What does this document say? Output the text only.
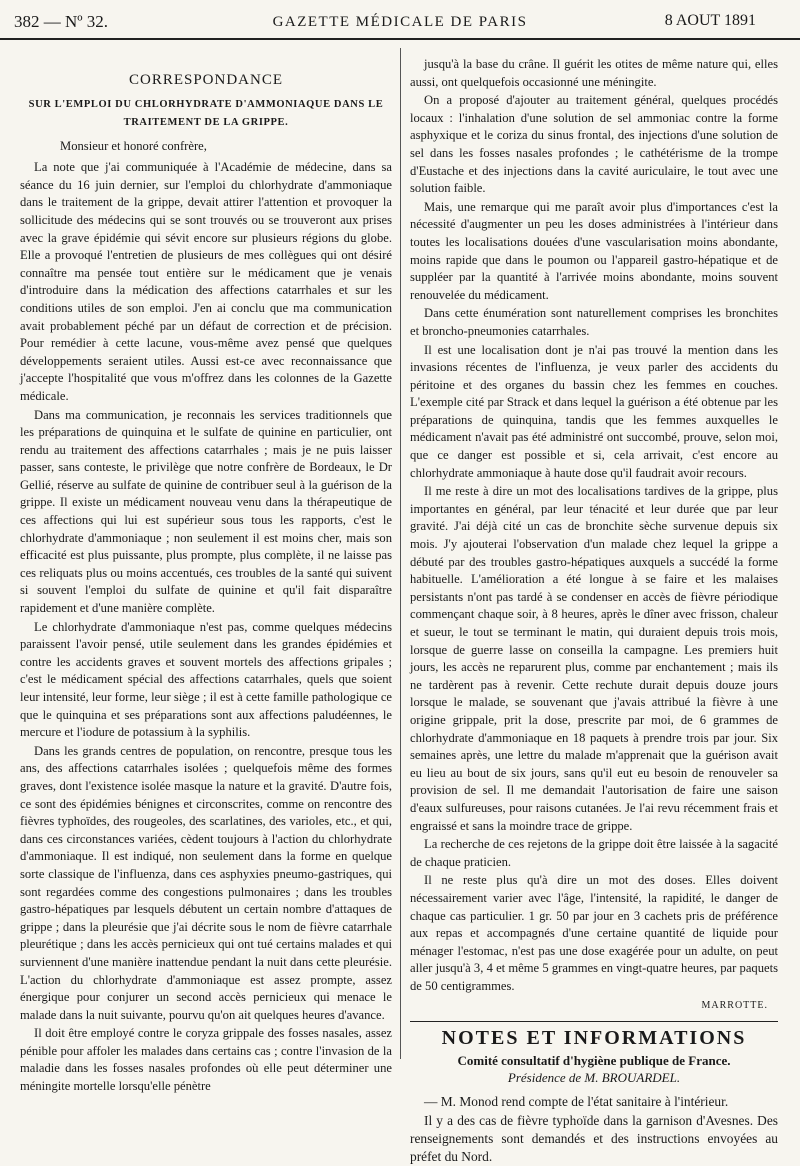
382 — Nº 32.	GAZETTE MÉDICALE DE PARIS	8 AOUT 1891
CORRESPONDANCE
SUR L'EMPLOI DU CHLORHYDRATE D'AMMONIAQUE DANS LE TRAITEMENT DE LA GRIPPE.

Monsieur et honoré confrère,

La note que j'ai communiquée à l'Académie de médecine, dans sa séance du 16 juin dernier, sur l'emploi du chlorhydrate d'ammoniaque dans le traitement de la grippe, devait attirer l'attention et provoquer la sollicitude des médecins qui se sont trouvés ou se trouveront aux prises avec la grave épidémie qui sévit encore sur plusieurs régions du globe. Elle a provoqué l'entretien de plusieurs de mes collègues qui ont désiré connaître ma pensée tout entière sur le médicament que je venais d'introduire dans la médication des affections catarrhales et sur les conditions utiles de son emploi. J'en ai conclu que ma communication avait probablement péché par un défaut de correction et de précision. Pour remédier à cette lacune, vous-même avez pensé que quelques développements seraient utiles. Aussi est-ce avec reconnaissance que j'accepte l'hospitalité que vous m'offrez dans les colonnes de la Gazette médicale.

Dans ma communication, je reconnais les services traditionnels que les préparations de quinquina et le sulfate de quinine en particulier, ont rendu au traitement des affections catarrhales ; mais je ne puis laisser passer, sans conteste, le privilège que notre confrère de Bordeaux, le Dr Gellié, réserve au sulfate de quinine de contribuer seul à la guérison de la grippe. Il existe un médicament nouveau venu dans la thérapeutique de ces affections qui lui est supérieur sous tous les rapports, c'est le chlorhydrate d'ammoniaque ; non seulement il est moins cher, mais son efficacité est plus puissante, plus prompte, plus complète, il ne laisse pas ces reliquats plus ou moins accentués, ces troubles de la santé qui suivent si souvent l'emploi du sulfate de quinine et qu'il fait disparaître rapidement et d'une manière complète.

Le chlorhydrate d'ammoniaque n'est pas, comme quelques médecins paraissent l'avoir pensé, utile seulement dans les grandes épidémies et contre les accidents graves et souvent mortels des affections gripales ; c'est le médicament spécial des affections catarrhales, quels que soient leur intensité, leur forme, leur siège ; il est à cette famille pathologique ce que le quinquina et ses préparations sont aux affections paludéennes, le mercure et l'iodure de potassium à la syphilis.

Dans les grands centres de population, on rencontre, presque tous les ans, des affections catarrhales isolées ; quelquefois même des formes graves, dont l'existence isolée masque la nature et la gravité. D'autre fois, ce sont des épidémies bénignes et circonscrites, comme on rencontre des fièvres typhoïdes, des rougeoles, des scarlatines, des varioles, etc., et qui, dans ces circonstances variées, cèdent toujours à l'action du chlorhydrate d'ammoniaque. Il est indiqué, non seulement dans la forme en quelque sorte classique de l'influenza, dans ces asphyxies pneumo-gastriques, qui sont regardées comme des congestions pulmonaires ; dans les troubles gastro-hépatiques par lesquels débutent un certain nombre d'attaques de grippe ; dans la pleurésie que j'ai décrite sous le nom de fièvre catarrhale pleurétique ; dans les accès pernicieux qui ont tué certains malades et qui surviennent d'une manière inattendue pendant la nuit dans cette pleurésie. L'action du chlorhydrate d'ammoniaque est assez prompte, assez énergique pour conjurer un second accès pernicieux qui menace le malade dans la nuit suivante, pourvu qu'on ait quelques heures d'avance.

Il doit être employé contre le coryza grippale des fosses nasales, assez pénible pour affoler les malades dans certains cas ; contre l'invasion de la maladie dans les fosses nasales profondes où elle peut déterminer une méningite mortelle lorsqu'elle pénètre

jusqu'à la base du crâne. Il guérit les otites de même nature qui, elles aussi, ont quelquefois occasionné une méningite.

On a proposé d'ajouter au traitement général, quelques procédés locaux : l'inhalation d'une solution de sel ammoniac contre la forme asphyxique et le coriza du sinus frontal, des injections d'une solution de sel dans les fosses nasales profondes ; le cathétérisme de la trompe d'Eustache et des injections dans la cavité auriculaire, le tout avec une solution faible.

Mais, une remarque qui me paraît avoir plus d'importances c'est la nécessité d'augmenter un peu les doses administrées à l'intérieur dans toutes les localisations douées d'une vascularisation moins abondante, moins rapide que dans le poumon ou l'appareil gastro-hépatique et de suppléer par la quantité à l'arrivée moins abondante, moins souvent renouvelée du médicament.

Dans cette énumération sont naturellement comprises les bronchites et broncho-pneumonies catarrhales.

Il est une localisation dont je n'ai pas trouvé la mention dans les invasions récentes de l'influenza, je veux parler des accidents du péritoine et des organes du bassin chez les femmes en couches. L'exemple cité par Strack et dans lequel la guérison a été obtenue par les préparations de quinquina, tandis que les femmes auxquelles le médicament n'avait pas été administré ont succombé, prouve, selon moi, que ce danger est possible et si, cela arrivait, c'est encore au chlorhydrate ammoniaque à haute dose qu'il faudrait avoir recours.

Il me reste à dire un mot des localisations tardives de la grippe, plus importantes en général, par leur ténacité et leur durée que par leur gravité. J'ai déjà cité un cas de bronchite sèche survenue depuis six mois. J'y ajouterai l'observation d'un malade chez lequel la grippe a débuté par des troubles gastro-hépatiques auxquels a succédé la forme habituelle. L'amélioration a été longue à se faire et les malaises persistants n'ont pas tardé à se condenser en accès de fièvre périodique commençant chaque soir, à 8 heures, après le dîner avec frisson, chaleur et sueur, le tout se terminant le matin, qui duraient depuis trois mois, lorsque de guerre lasse on conseilla la campagne. Les premiers huit jours, les accès ne reparurent plus, comme par enchantement ; mais ils ne tardèrent pas à revenir. Cette rechute durait depuis douze jours lorsque le malade, se souvenant que j'avais attribué la fièvre à une origine grippale, prit la dose, prescrite par moi, de 6 grammes de chlorhydrate d'ammoniaque en 18 paquets à prendre trois par jour. Six semaines après, une lettre du malade m'apprenait que la guérison avait eu lieu au bout de six jours, sans qu'il eut eu besoin de renouveler sa provision de sel. Il me demandait l'autorisation de faire une saison d'eaux sulfureuses, pour raisons cutanées. Je l'ai revu récemment frais et engraissé et sans la moindre trace de grippe.

La recherche de ces rejetons de la grippe doit être laissée à la sagacité de chaque praticien.

Il ne reste plus qu'à dire un mot des doses. Elles doivent nécessairement varier avec l'âge, l'intensité, la rapidité, le danger de chaque cas particulier. 1 gr. 50 par jour en 3 cachets pris de préférence aux repas et accompagnés d'une certaine quantité de liquide pour ménager l'estomac, n'est pas une dose exagérée pour un adulte, on peut aller jusqu'à 3, 4 et même 5 grammes en vingt-quatre heures, par paquets de 50 centigrammes.

MARROTTE.
NOTES ET INFORMATIONS
Comité consultatif d'hygiène publique de France.
Présidence de M. BROUARDEL.

— M. Monod rend compte de l'état sanitaire à l'intérieur.

Il y a des cas de fièvre typhoïde dans la garnison d'Avesnes. Des renseignements sont demandés et des instructions envoyées au préfet du Nord.
